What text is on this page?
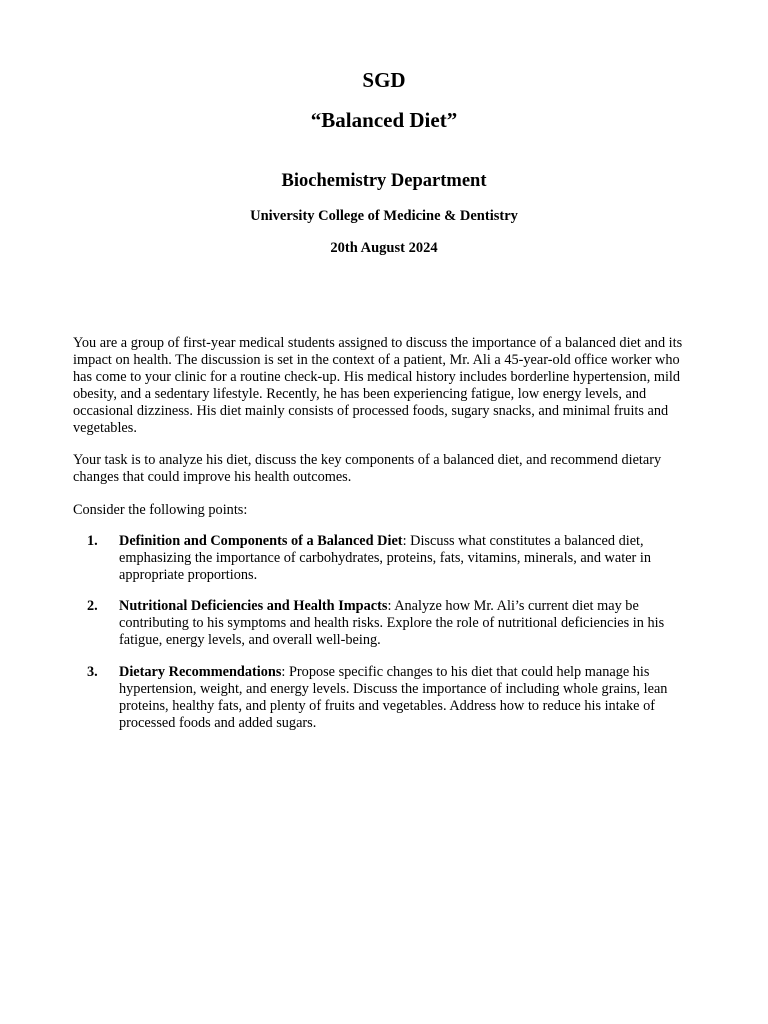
SGD
“Balanced Diet”
Biochemistry Department
University College of Medicine & Dentistry
20th August 2024

You are a group of first-year medical students assigned to discuss the importance of a balanced diet and its impact on health. The discussion is set in the context of a patient, Mr. Ali a 45-year-old office worker who has come to your clinic for a routine check-up. His medical history includes borderline hypertension, mild obesity, and a sedentary lifestyle. Recently, he has been experiencing fatigue, low energy levels, and occasional dizziness. His diet mainly consists of processed foods, sugary snacks, and minimal fruits and vegetables.

Your task is to analyze his diet, discuss the key components of a balanced diet, and recommend dietary changes that could improve his health outcomes.

Consider the following points:

1. Definition and Components of a Balanced Diet: Discuss what constitutes a balanced diet, emphasizing the importance of carbohydrates, proteins, fats, vitamins, minerals, and water in appropriate proportions.
2. Nutritional Deficiencies and Health Impacts: Analyze how Mr. Ali’s current diet may be contributing to his symptoms and health risks. Explore the role of nutritional deficiencies in his fatigue, energy levels, and overall well-being.
3. Dietary Recommendations: Propose specific changes to his diet that could help manage his hypertension, weight, and energy levels. Discuss the importance of including whole grains, lean proteins, healthy fats, and plenty of fruits and vegetables. Address how to reduce his intake of processed foods and added sugars.
